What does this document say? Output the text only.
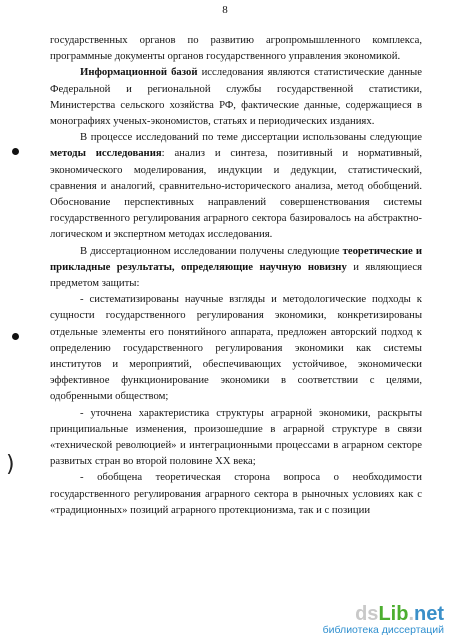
8
)

государственных органов по развитию агропромышленного комплекса, программные документы органов государственного управления экономикой.

Информационной базой исследования являются статистические данные Федеральной и региональной службы государственной статистики, Министерства сельского хозяйства РФ, фактические данные, содержащиеся в монографиях ученых-экономистов, статьях и периодических изданиях.

В процессе исследований по теме диссертации использованы следующие методы исследования: анализ и синтеза, позитивный и нормативный, экономического моделирования, индукции и дедукции, статистический, сравнения и аналогий, сравнительно-исторического анализа, метод обобщений. Обоснование перспективных направлений совершенствования системы государственного регулирования аграрного сектора базировалось на абстрактно-логическом и экспертном методах исследования.

В диссертационном исследовании получены следующие теоретические и прикладные результаты, определяющие научную новизну и являющиеся предметом защиты:

- систематизированы научные взгляды и методологические подходы к сущности государственного регулирования экономики, конкретизированы отдельные элементы его понятийного аппарата, предложен авторский подход к определению государственного регулирования экономики как системы институтов и мероприятий, обеспечивающих устойчивое, экономически эффективное функционирование экономики в соответствии с целями, одобренными обществом;

- уточнена характеристика структуры аграрной экономики, раскрыты принципиальные изменения, произошедшие в аграрной структуре в связи «технической революцией» и интеграционными процессами в аграрном секторе развитых стран во второй половине XX века;

- обобщена теоретическая сторона вопроса о необходимости государственного регулирования аграрного сектора в рыночных условиях как с «традиционных» позиций аграрного протекционизма, так и с позиции

dsLib.net
библиотека диссертаций
